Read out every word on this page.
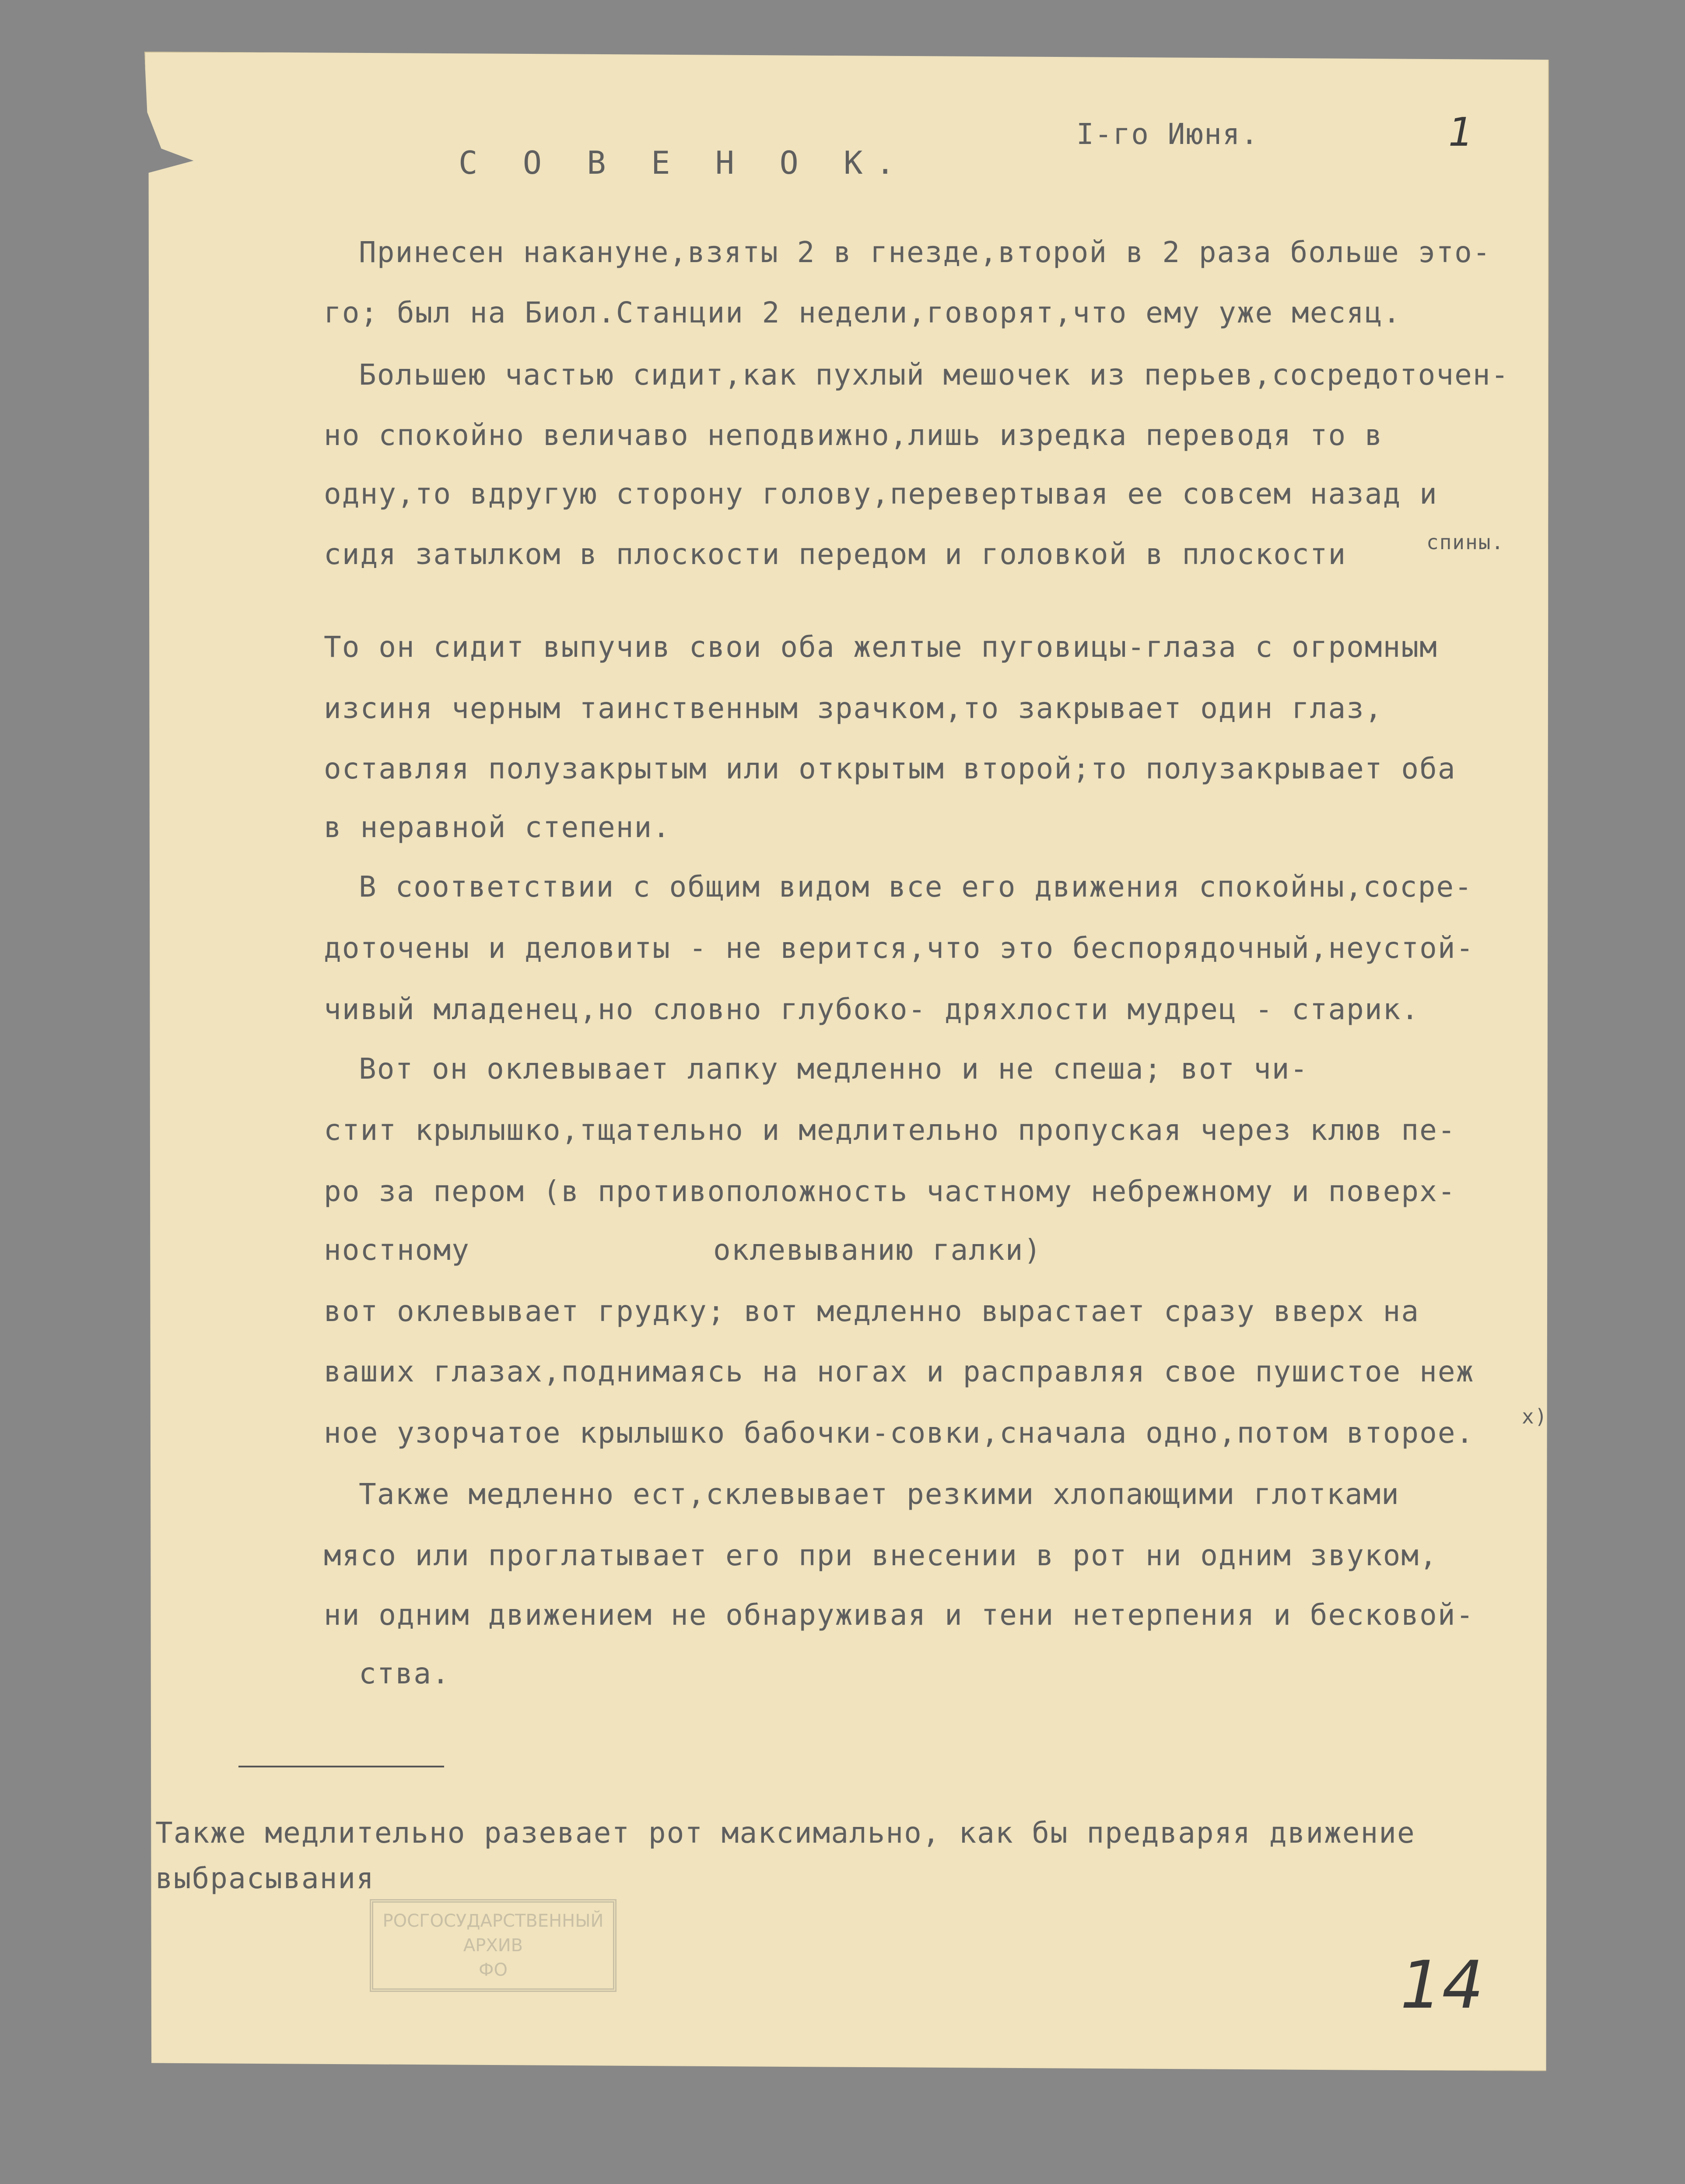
С О В Е Н О К.
I-го Июня.	1
Принесен накануне,взяты 2 в гнезде,второй в 2 раза больше это-
го; был на Биол.Станции 2 недели,говорят,что ему уже месяц.
Большею частью сидит,как пухлый мешочек из перьев,сосредоточен-
но спокойно величаво неподвижно,лишь изредка переводя то в
одну,то вдругую сторону голову,перевертывая ее совсем назад и
сидя затылком в плоскости передом и головкой в плоскости	спины.
То он сидит выпучив свои оба желтые пуговицы-глаза с огромным
изсиня черным таинственным зрачком,то закрывает один глаз,
оставляя полузакрытым или открытым второй;то полузакрывает оба
в неравной степени.
В соответствии с общим видом все его движения спокойны,сосре-
доточены и деловиты - не верится,что это беспорядочный,неустой-
чивый младенец,но словно глубоко- дряхлости мудрец - старик.
Вот он оклевывает лапку медленно и не спеша; вот чи-
стит крылышко,тщательно и медлительно пропуская через клюв пе-
ро за пером (в противоположность частному небрежному и поверх-
ностному	оклевыванию галки)
вот оклевывает грудку; вот медленно вырастает сразу вверх на
ваших глазах,поднимаясь на ногах и расправляя свое пушистое неж
ное узорчатое крылышко бабочки-совки,сначала одно,потом второе. x)
Также медленно ест,склевывает резкими хлопающими глотками
мясо или проглатывает его при внесении в рот ни одним звуком,
ни одним движением не обнаруживая и тени нетерпения и бесковой-
ства.
Также медлительно разевает рот максимально, как бы предваряя движение
выбрасывания
РОСГОСУДАРСТВЕННЫЙ
АРХИВ
ФО	14
